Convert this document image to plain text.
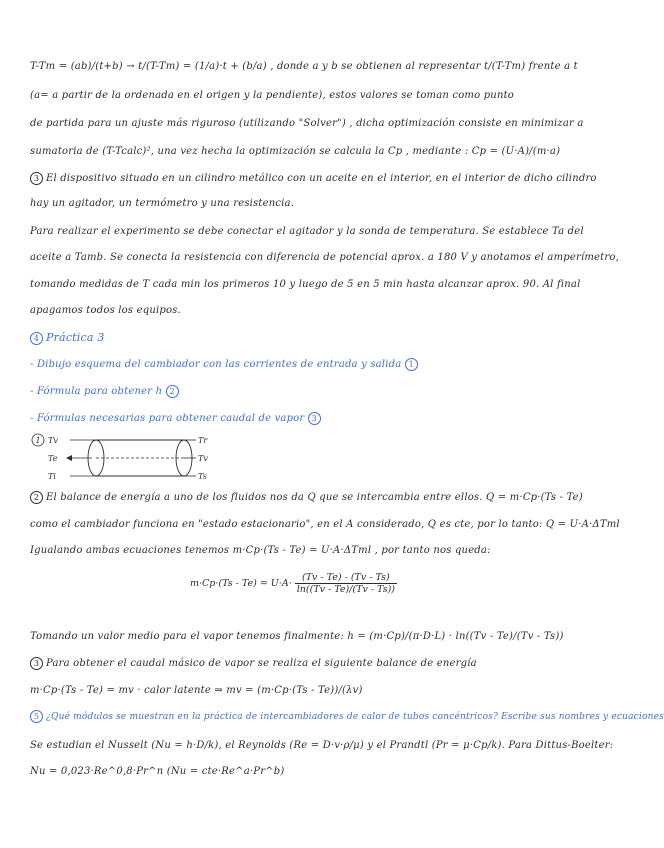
T-Tm = (ab)/(t+b) → t/(T-Tm) = (1/a)·t + (b/a) , donde a y b se obtienen al representar t/(T-Tm) frente a t
(a= a partir de la ordenada en el origen y la pendiente), estos valores se toman como punto
de partida para un ajuste más riguroso (utilizando "Solver") , dicha optimización consiste en minimizar a
sumatoria de (T-Tcalc)², una vez hecha la optimización se calcula la Cp , mediante : Cp = (U·A)/(m·a)
3 El dispositivo situado en un cilindro metálico con un aceite en el interior, en el interior de dicho cilindro
hay un agitador, un termómetro y una resistencia.
Para realizar el experimento se debe conectar el agitador y la sonda de temperatura. Se establece Ta del
aceite a Tamb. Se conecta la resistencia con diferencia de potencial aprox. a 180 V y anotamos el amperímetro,
tomando medidas de T cada min los primeros 10 y luego de 5 en 5 min hasta alcanzar aprox. 90. Al final
apagamos todos los equipos.
4 Práctica 3
- Dibujo esquema del cambiador con las corrientes de entrada y salida 1
- Fórmula para obtener h 2
- Fórmulas necesarias para obtener caudal de vapor 3
1 Tv
Te
Ti
Tr
Tv
Ts
2 El balance de energía a uno de los fluidos nos da Q que se intercambia entre ellos. Q = m·Cp·(Ts - Te)
como el cambiador funciona en "estado estacionario", en el A considerado, Q es cte, por lo tanto: Q = U·A·ΔTml
Igualando ambas ecuaciones tenemos m·Cp·(Ts - Te) = U·A·ΔTml , por tanto nos queda:
$m\cdot Cp\cdot(Ts - Te) = U\cdot A\cdot \frac{(Tv - Te) - (Tv - Ts)}{\ln((Tv - Te)/(Tv - Ts))}$
Tomando un valor medio para el vapor tenemos finalmente: h = (m·Cp)/(π·D·L) · ln((Tv - Te)/(Tv - Ts))
3 Para obtener el caudal másico de vapor se realiza el siguiente balance de energía
m·Cp·(Ts - Te) = mv · calor latente ⇒ mv = (m·Cp·(Ts - Te))/(λv)
5 ¿Qué módulos se muestran en la práctica de intercambiadores de calor de tubos concéntricos? Escribe sus nombres y ecuaciones
Se estudian el Nusselt (Nu = h·D/k), el Reynolds (Re = D·v·ρ/μ) y el Prandtl (Pr = μ·Cp/k). Para Dittus-Boelter:
Nu = 0,023·Re^0,8·Pr^n (Nu = cte·Re^a·Pr^b)
